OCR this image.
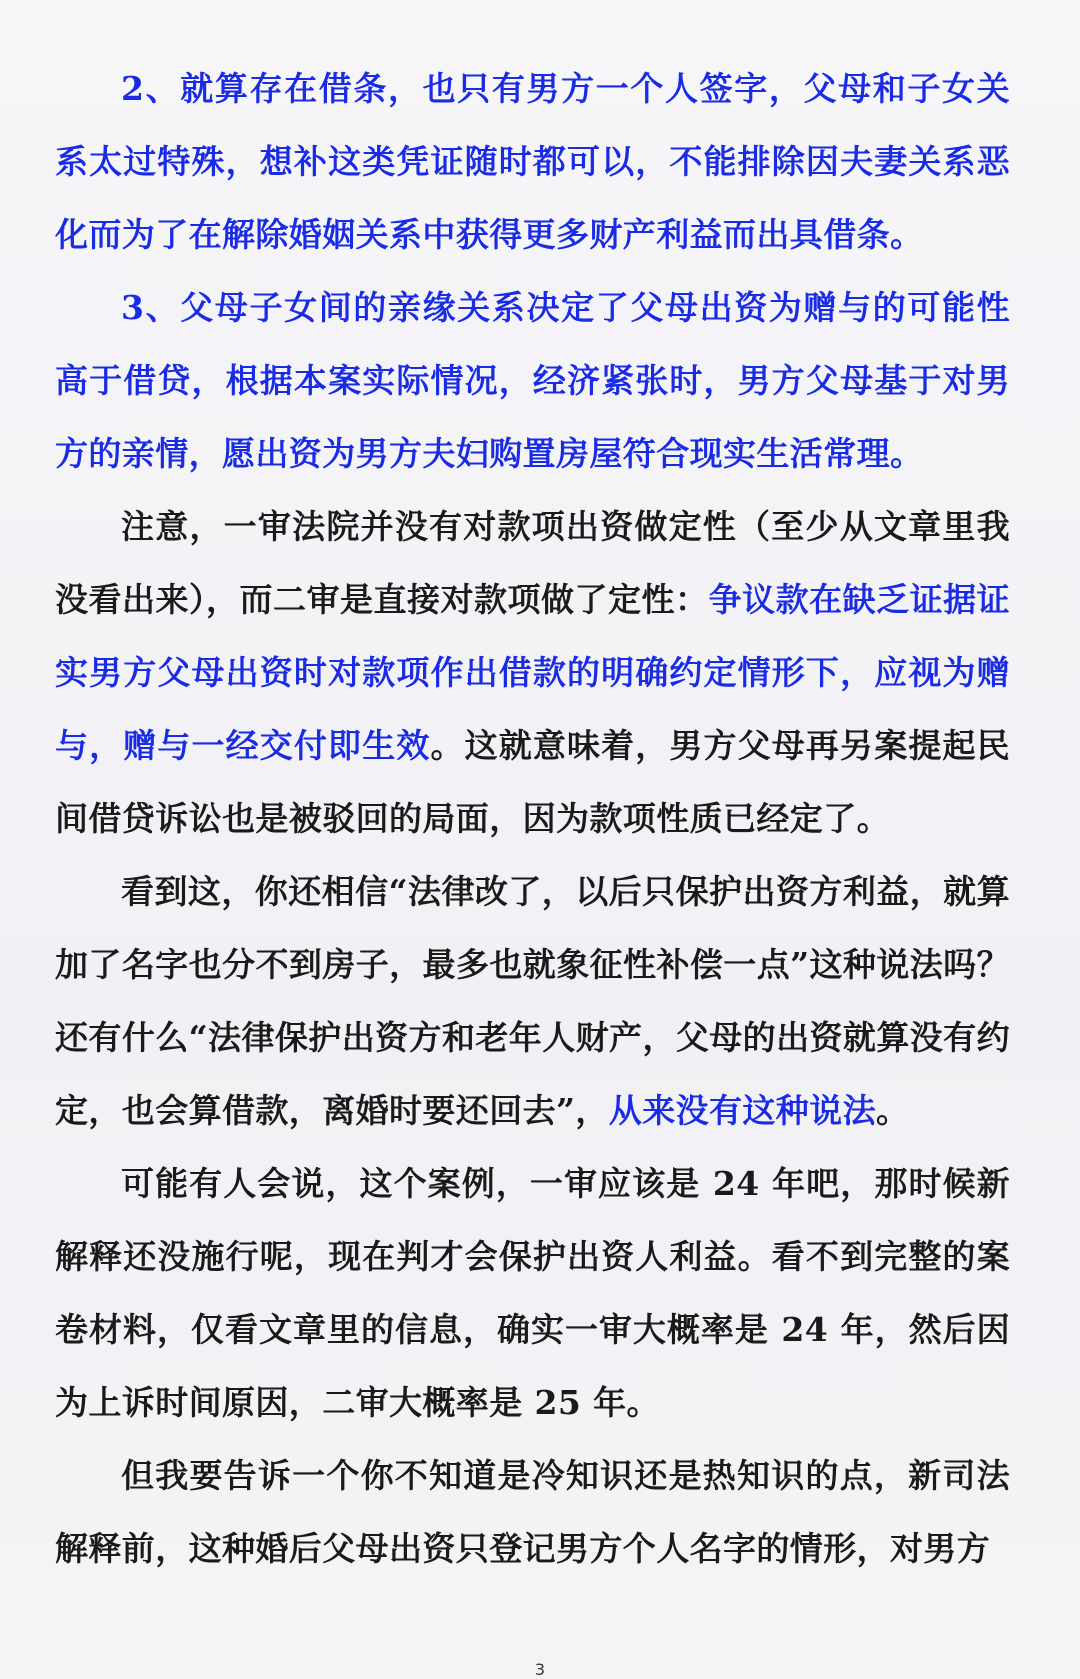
2、就算存在借条，也只有男方一个人签字，父母和子女关系太过特殊，想补这类凭证随时都可以，不能排除因夫妻关系恶化而为了在解除婚姻关系中获得更多财产利益而出具借条。

3、父母子女间的亲缘关系决定了父母出资为赠与的可能性高于借贷，根据本案实际情况，经济紧张时，男方父母基于对男方的亲情，愿出资为男方夫妇购置房屋符合现实生活常理。

注意，一审法院并没有对款项出资做定性（至少从文章里我没看出来），而二审是直接对款项做了定性：争议款在缺乏证据证实男方父母出资时对款项作出借款的明确约定情形下，应视为赠与，赠与一经交付即生效。这就意味着，男方父母再另案提起民间借贷诉讼也是被驳回的局面，因为款项性质已经定了。

看到这，你还相信“法律改了，以后只保护出资方利益，就算加了名字也分不到房子，最多也就象征性补偿一点”这种说法吗？还有什么“法律保护出资方和老年人财产，父母的出资就算没有约定，也会算借款，离婚时要还回去”，从来没有这种说法。

可能有人会说，这个案例，一审应该是 24 年吧，那时候新解释还没施行呢，现在判才会保护出资人利益。看不到完整的案卷材料，仅看文章里的信息，确实一审大概率是 24 年，然后因为上诉时间原因，二审大概率是 25 年。

但我要告诉一个你不知道是冷知识还是热知识的点，新司法解释前，这种婚后父母出资只登记男方个人名字的情形，对男方

3
